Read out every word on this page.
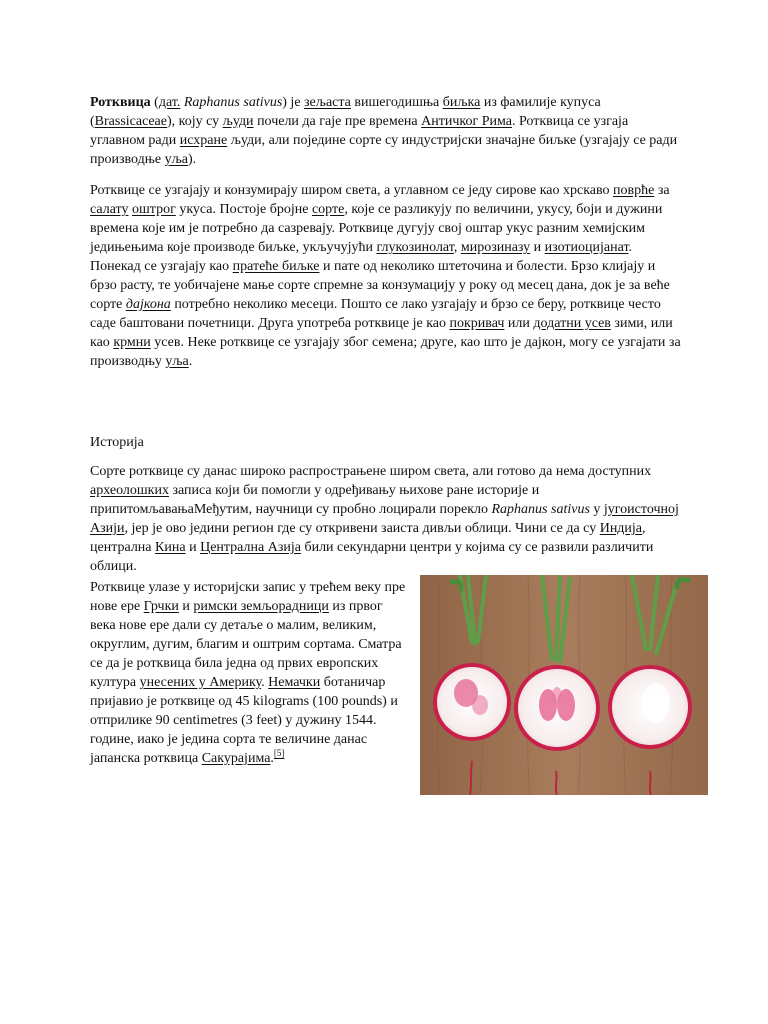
Ротквица (дат. Raphanus sativus) је зељаста вишегодишња биљка из фамилије купуса (Brassicaceae), коју су људи почели да гаје пре времена Античког Рима. Ротквица се узгаја углавном ради исхране људи, али поједине сорте су индустријски значајне биљке (узгајају се ради производње уља).

Ротквице се узгајају и конзумирају широм света, а углавном се једу сирове као хрскаво поврће за салату оштрог укуса. Постоје бројне сорте, које се разликују по величини, укусу, боји и дужини времена које им је потребно да сазревају. Ротквице дугују свој оштар укус разним хемијским једињењима које производе биљке, укључујући глукозинолат, мирозиназу и изотиоцијанат. Понекад се узгајају као пратеће биљке и пате од неколико штеточина и болести. Брзо клијају и брзо расту, те уобичајене мање сорте спремне за конзумацију у року од месец дана, док је за веће сорте дајкона потребно неколико месеци. Пошто се лако узгајају и брзо се беру, ротквице често саде баштовани почетници. Друга употреба ротквице је као покривач или додатни усев зими, или као крмни усев. Неке ротквице се узгајају због семена; друге, као што је дајкон, могу се узгајати за производњу уља.

Историја

Сорте ротквице су данас широко распрострањене широм света, али готово да нема доступних археолошких записа који би помогли у одређивању њихове ране историје и припитомљавањаМеђутим, научници су пробно лоцирали порекло Raphanus sativus у југоисточној Азији, јер је ово једини регион где су откривени заиста дивљи облици. Чини се да су Индија, централна Кина и Централна Азија били секундарни центри у којима су се развили различити облици.

Ротквице улазе у историјски запис у трећем веку пре нове ере Грчки и римски земљорадници из првог века нове ере дали су детаље о малим, великим, округлим, дугим, благим и оштрим сортама. Сматра се да је ротквица била једна од првих европских култура унесених у Америку. Немачки ботаничар пријавио је ротквице од 45 kilograms (100 pounds) и отприлике 90 centimetres (3 feet) у дужину 1544. године, иако је једина сорта те величине данас јапанска ротквица Сакурајима.[5]
